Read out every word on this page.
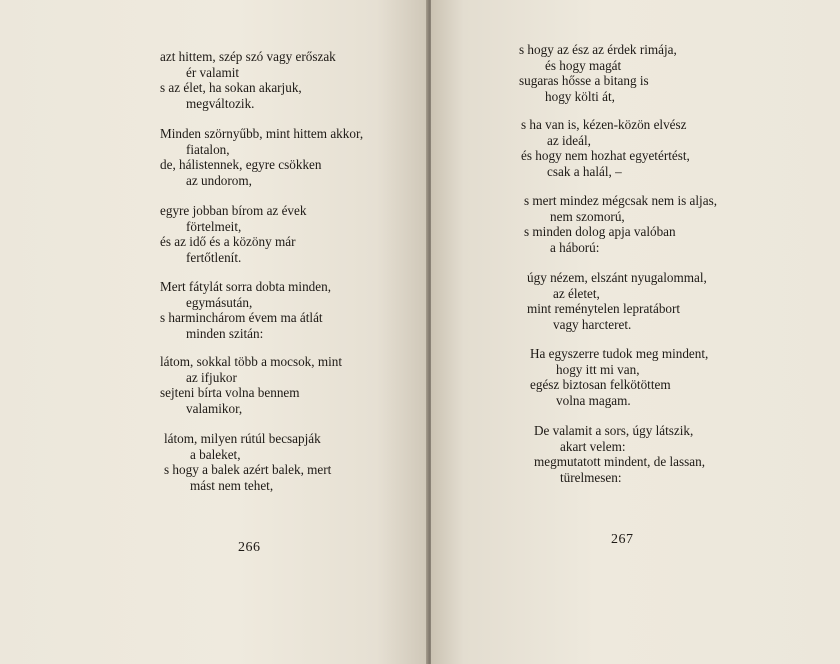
azt hittem, szép szó vagy erőszak
ér valamit
s az élet, ha sokan akarjuk,
megváltozik.
Minden szörnyűbb, mint hittem akkor,
fiatalon,
de, hálistennek, egyre csökken
az undorom,
egyre jobban bírom az évek
förtelmeit,
és az idő és a közöny már
fertőtlenít.
Mert fátylát sorra dobta minden,
egymásután,
s harminchárom évem ma átlát
minden szitán:
látom, sokkal több a mocsok, mint
az ifjukor
sejteni bírta volna bennem
valamikor,
látom, milyen rútúl becsapják
a baleket,
s hogy a balek azért balek, mert
mást nem tehet,
266
s hogy az ész az érdek rimája,
és hogy magát
sugaras hősse a bitang is
hogy költi át,
s ha van is, kézen-közön elvész
az ideál,
és hogy nem hozhat egyetértést,
csak a halál, –
s mert mindez mégcsak nem is aljas,
nem szomorú,
s minden dolog apja valóban
a háború:
úgy nézem, elszánt nyugalommal,
az életet,
mint reménytelen lepratábort
vagy harcteret.
Ha egyszerre tudok meg mindent,
hogy itt mi van,
egész biztosan felkötöttem
volna magam.
De valamit a sors, úgy látszik,
akart velem:
megmutatott mindent, de lassan,
türelmesen:
267
